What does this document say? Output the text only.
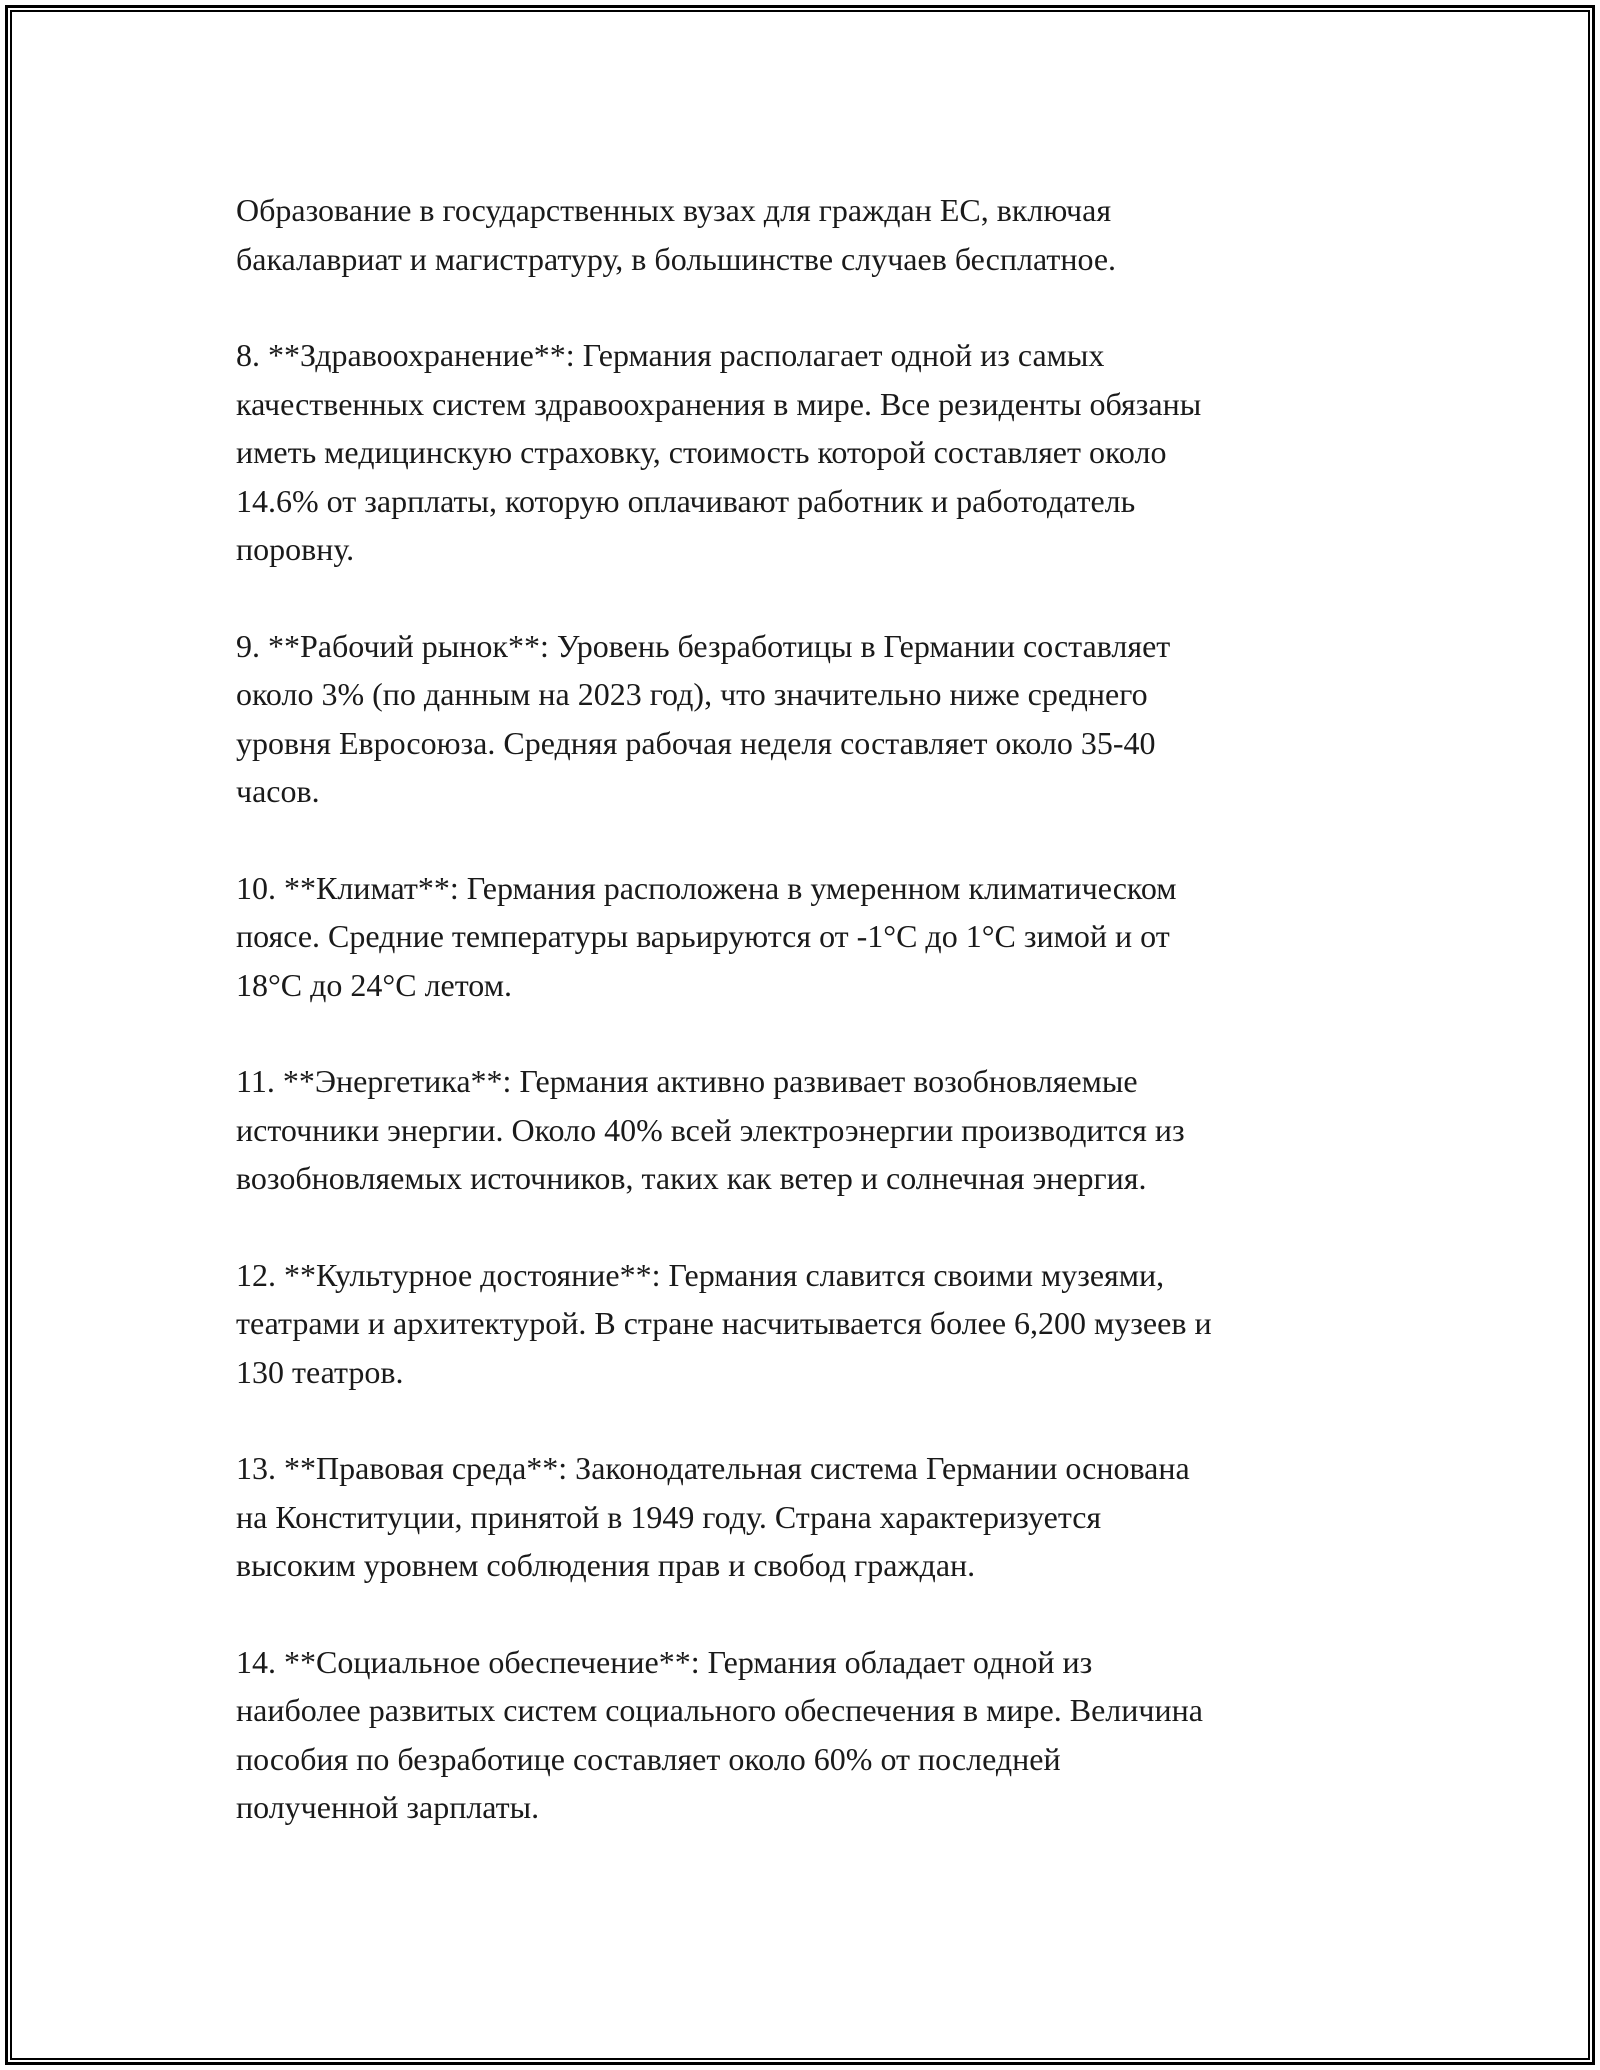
Образование в государственных вузах для граждан ЕС, включая
бакалавриат и магистратуру, в большинстве случаев бесплатное.

8. **Здравоохранение**: Германия располагает одной из самых
качественных систем здравоохранения в мире. Все резиденты обязаны
иметь медицинскую страховку, стоимость которой составляет около
14.6% от зарплаты, которую оплачивают работник и работодатель
поровну.

9. **Рабочий рынок**: Уровень безработицы в Германии составляет
около 3% (по данным на 2023 год), что значительно ниже среднего
уровня Евросоюза. Средняя рабочая неделя составляет около 35-40
часов.

10. **Климат**: Германия расположена в умеренном климатическом
поясе. Средние температуры варьируются от -1°C до 1°C зимой и от
18°C до 24°C летом.

11. **Энергетика**: Германия активно развивает возобновляемые
источники энергии. Около 40% всей электроэнергии производится из
возобновляемых источников, таких как ветер и солнечная энергия.

12. **Культурное достояние**: Германия славится своими музеями,
театрами и архитектурой. В стране насчитывается более 6,200 музеев и
130 театров.

13. **Правовая среда**: Законодательная система Германии основана
на Конституции, принятой в 1949 году. Страна характеризуется
высоким уровнем соблюдения прав и свобод граждан.

14. **Социальное обеспечение**: Германия обладает одной из
наиболее развитых систем социального обеспечения в мире. Величина
пособия по безработице составляет около 60% от последней
полученной зарплаты.
